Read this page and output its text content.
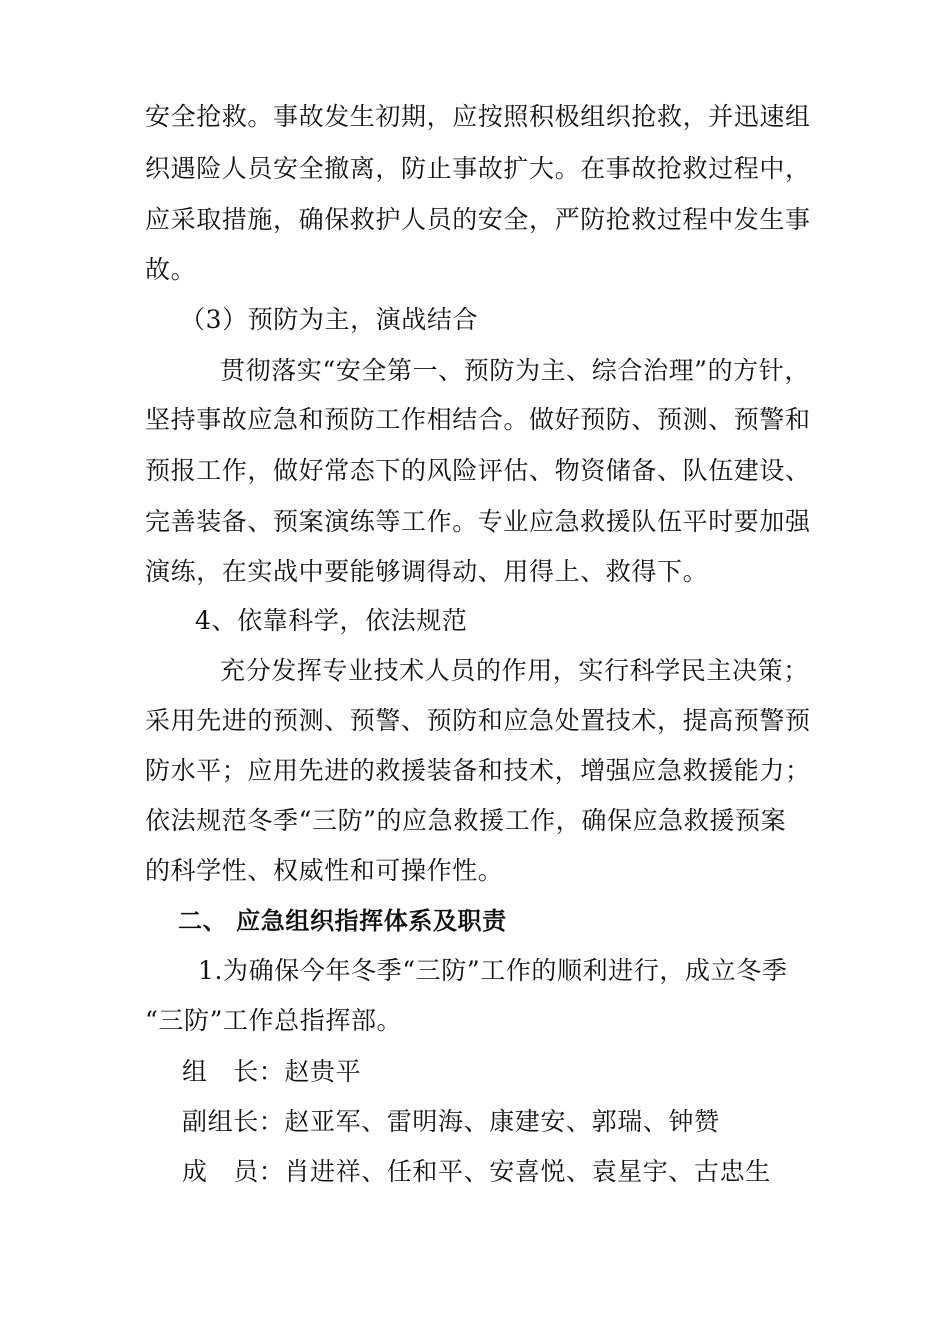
安全抢救。事故发生初期，应按照积极组织抢救，并迅速组
织遇险人员安全撤离，防止事故扩大。在事故抢救过程中，
应采取措施，确保救护人员的安全，严防抢救过程中发生事
故。
（3）预防为主，演战结合
贯彻落实“安全第一、预防为主、综合治理”的方针，
坚持事故应急和预防工作相结合。做好预防、预测、预警和
预报工作，做好常态下的风险评估、物资储备、队伍建设、
完善装备、预案演练等工作。专业应急救援队伍平时要加强
演练，在实战中要能够调得动、用得上、救得下。
4、依靠科学，依法规范
充分发挥专业技术人员的作用，实行科学民主决策；
采用先进的预测、预警、预防和应急处置技术，提高预警预
防水平；应用先进的救援装备和技术，增强应急救援能力；
依法规范冬季“三防”的应急救援工作，确保应急救援预案
的科学性、权威性和可操作性。
二、 应急组织指挥体系及职责
1.为确保今年冬季“三防”工作的顺利进行，成立冬季
“三防”工作总指挥部。
组　长：赵贵平
副组长：赵亚军、雷明海、康建安、郭瑞、钟赞
成　员：肖进祥、任和平、安喜悦、袁星宇、古忠生
